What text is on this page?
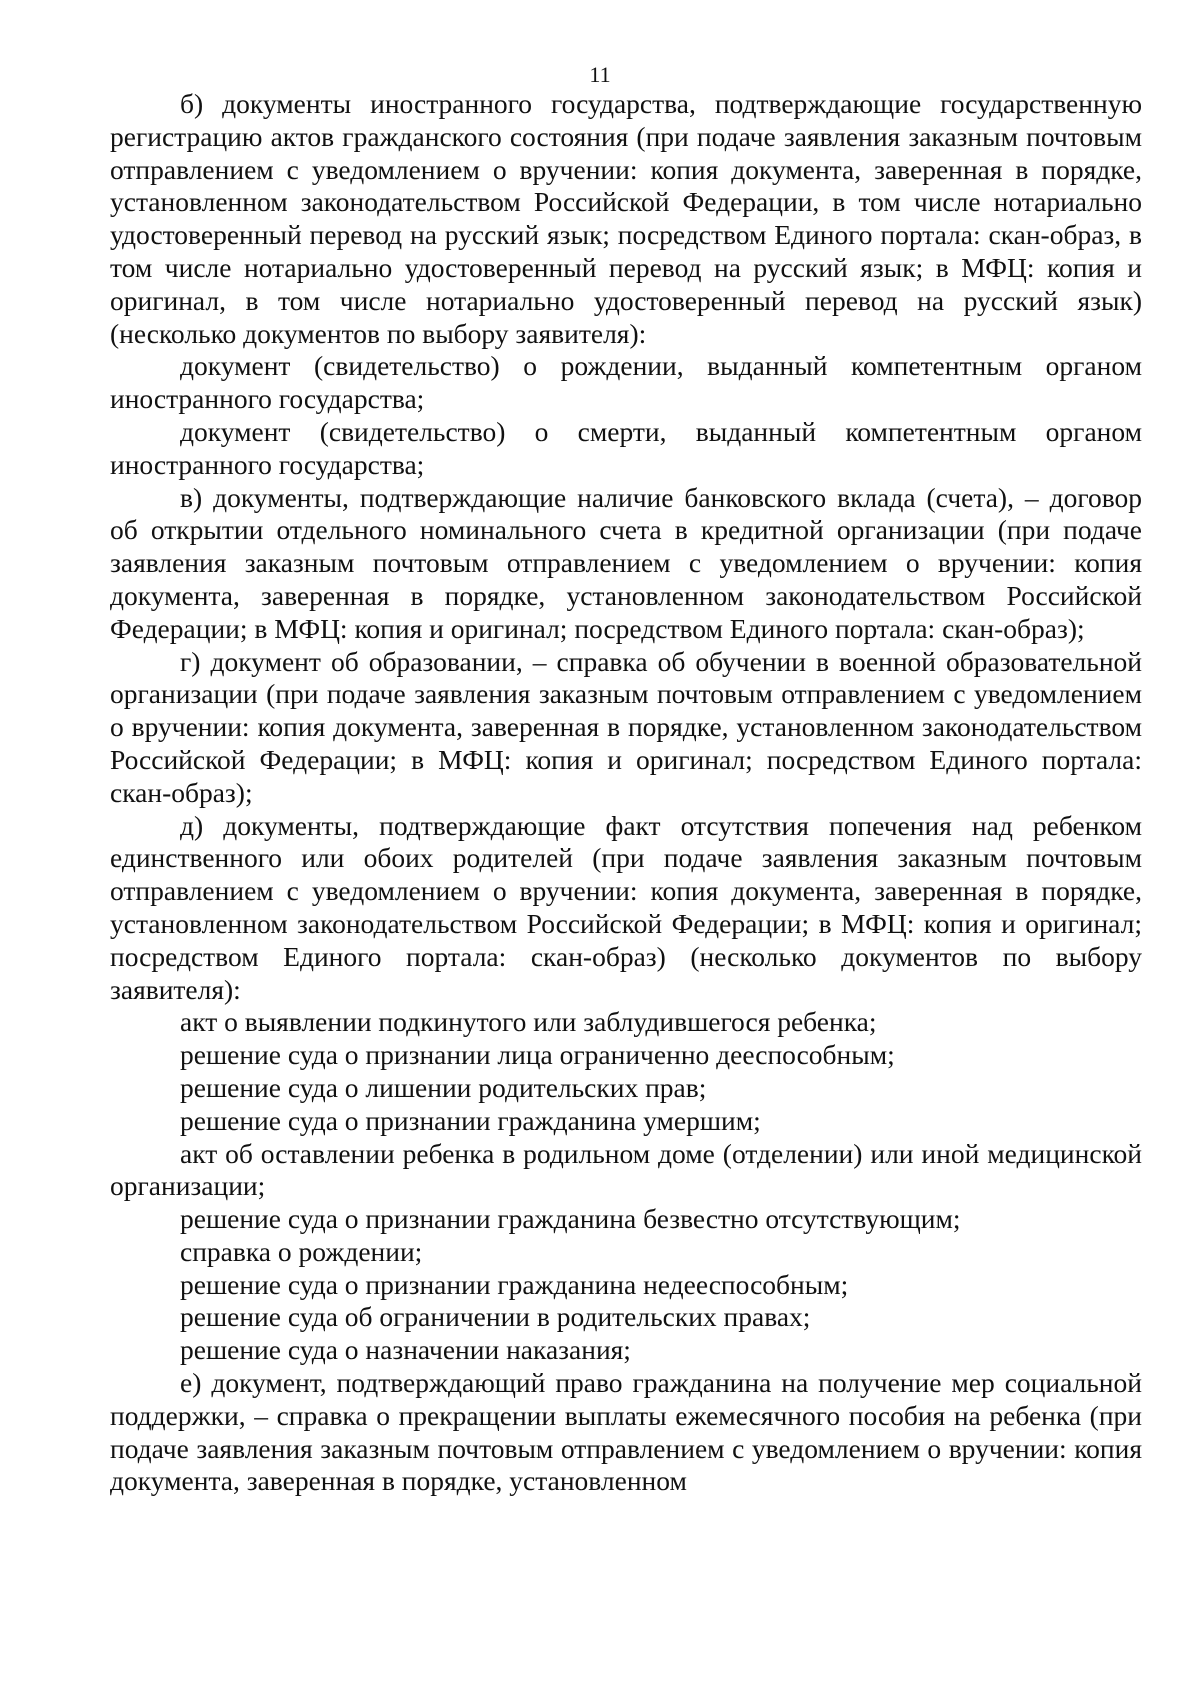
11

б) документы иностранного государства, подтверждающие государственную регистрацию актов гражданского состояния (при подаче заявления заказным почтовым отправлением с уведомлением о вручении: копия документа, заверенная в порядке, установленном законодательством Российской Федерации, в том числе нотариально удостоверенный перевод на русский язык; посредством Единого портала: скан-образ, в том числе нотариально удостоверенный перевод на русский язык; в МФЦ: копия и оригинал, в том числе нотариально удостоверенный перевод на русский язык) (несколько документов по выбору заявителя):

документ (свидетельство) о рождении, выданный компетентным органом иностранного государства;

документ (свидетельство) о смерти, выданный компетентным органом иностранного государства;

в) документы, подтверждающие наличие банковского вклада (счета), – договор об открытии отдельного номинального счета в кредитной организации (при подаче заявления заказным почтовым отправлением с уведомлением о вручении: копия документа, заверенная в порядке, установленном законодательством Российской Федерации; в МФЦ: копия и оригинал; посредством Единого портала: скан-образ);

г) документ об образовании, – справка об обучении в военной образовательной организации (при подаче заявления заказным почтовым отправлением с уведомлением о вручении: копия документа, заверенная в порядке, установленном законодательством Российской Федерации; в МФЦ: копия и оригинал; посредством Единого портала: скан-образ);

д) документы, подтверждающие факт отсутствия попечения над ребенком единственного или обоих родителей (при подаче заявления заказным почтовым отправлением с уведомлением о вручении: копия документа, заверенная в порядке, установленном законодательством Российской Федерации; в МФЦ: копия и оригинал; посредством Единого портала: скан-образ) (несколько документов по выбору заявителя):

акт о выявлении подкинутого или заблудившегося ребенка;

решение суда о признании лица ограниченно дееспособным;

решение суда о лишении родительских прав;

решение суда о признании гражданина умершим;

акт об оставлении ребенка в родильном доме (отделении) или иной медицинской организации;

решение суда о признании гражданина безвестно отсутствующим;

справка о рождении;

решение суда о признании гражданина недееспособным;

решение суда об ограничении в родительских правах;

решение суда о назначении наказания;

е) документ, подтверждающий право гражданина на получение мер социальной поддержки, – справка о прекращении выплаты ежемесячного пособия на ребенка (при подаче заявления заказным почтовым отправлением с уведомлением о вручении: копия документа, заверенная в порядке, установленном
